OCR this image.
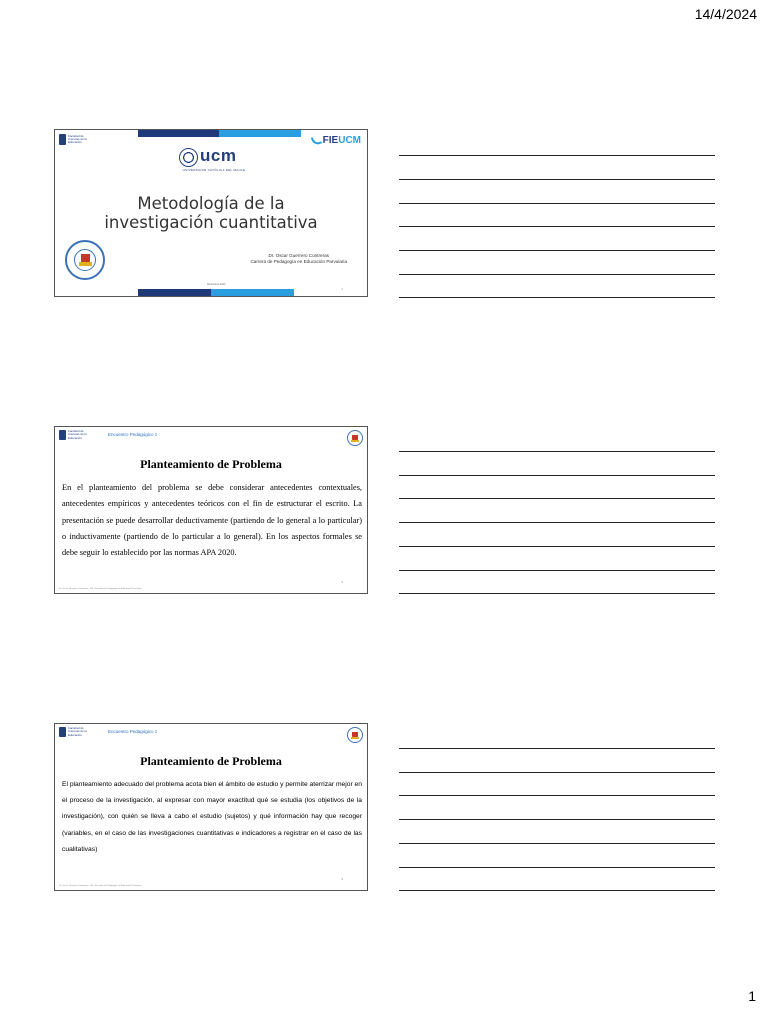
14/4/2024
Facultad de Ciencias de la Educación	FIEUCM
ucm
UNIVERSIDAD CATÓLICA DEL MAULE
Metodología de la
investigación cuantitativa
Dr. Oscar Guerrero Contreras
Carrera de Pedagogía en Educación Parvularia
Noviembre 2023
1
Facultad de Ciencias de la Educación
Encuentro Pedagógico 1
Planteamiento de Problema
En el planteamiento del problema se debe considerar antecedentes contextuales, antecedentes empíricos y antecedentes teóricos con el fin de estructurar el escrito. La presentación se puede desarrollar deductivamente (partiendo de lo general a lo particular) o inductivamente (partiendo de lo particular a lo general). En los aspectos formales se debe seguir lo establecido por las normas APA 2020.
2
Dr. Oscar Guerrero Contreras · FIE - Escuela de Pedagogía en Educación Parvularia
Facultad de Ciencias de la Educación
Encuentro Pedagógico 1
Planteamiento de Problema
El planteamiento adecuado del problema acota bien el ámbito de estudio y permite aterrizar mejor en el proceso de la investigación, al expresar con mayor exactitud qué se estudia (los objetivos de la investigación), con quién se lleva a cabo el estudio (sujetos) y qué información hay que recoger (variables, en el caso de las investigaciones cuantitativas e indicadores a registrar en el caso de las cualitativas)
3
Dr. Oscar Guerrero Contreras · FIE - Escuela de Pedagogía en Educación Parvularia
1
